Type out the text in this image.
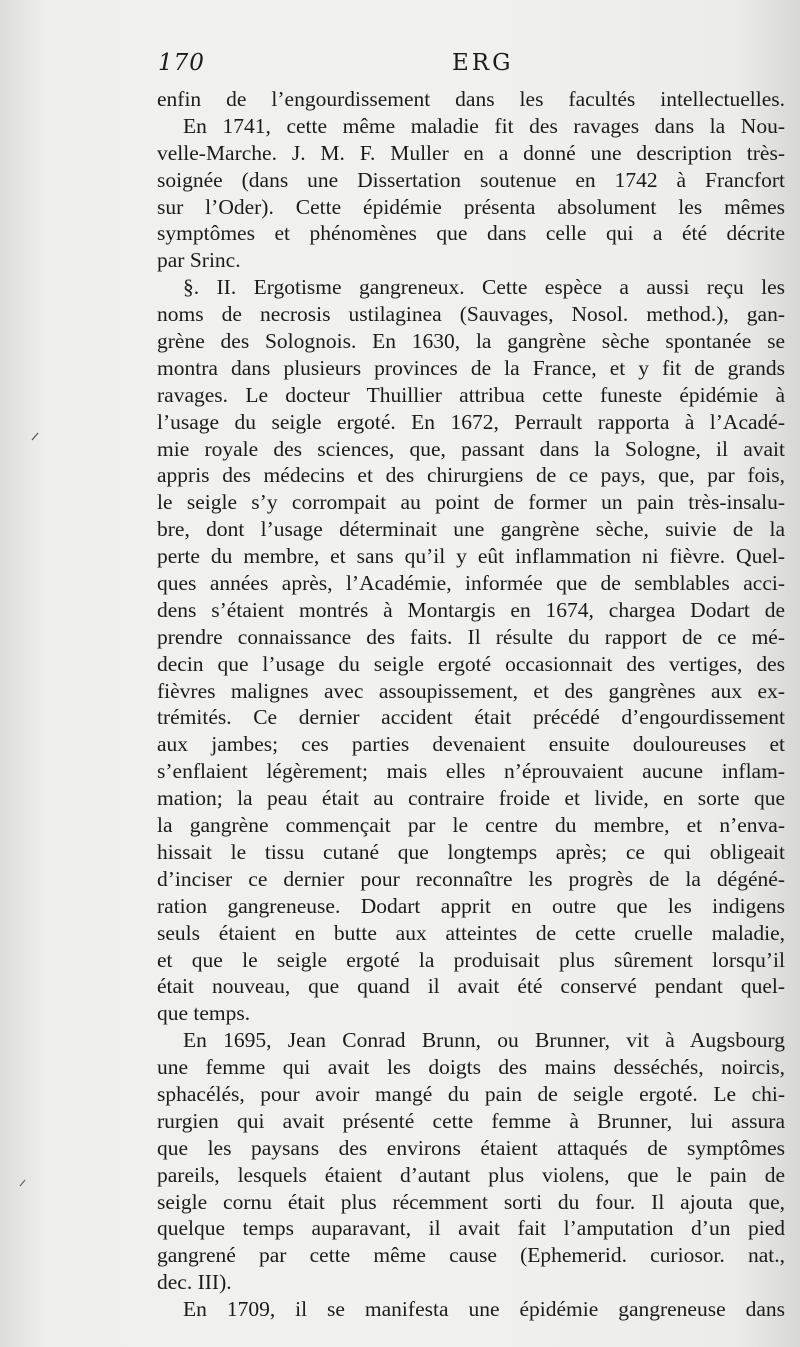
170	ERG
enfin de l’engourdissement dans les facultés intellectuelles.
En 1741, cette même maladie fit des ravages dans la Nou-
velle-Marche. J. M. F. Muller en a donné une description très-
soignée (dans une Dissertation soutenue en 1742 à Francfort
sur l’Oder). Cette épidémie présenta absolument les mêmes
symptômes et phénomènes que dans celle qui a été décrite
par Srinc.
§. II. Ergotisme gangreneux. Cette espèce a aussi reçu les
noms de necrosis ustilaginea (Sauvages, Nosol. method.), gan-
grène des Solognois. En 1630, la gangrène sèche spontanée se
montra dans plusieurs provinces de la France, et y fit de grands
ravages. Le docteur Thuillier attribua cette funeste épidémie à
l’usage du seigle ergoté. En 1672, Perrault rapporta à l’Acadé-
mie royale des sciences, que, passant dans la Sologne, il avait
appris des médecins et des chirurgiens de ce pays, que, par fois,
le seigle s’y corrompait au point de former un pain très-insalu-
bre, dont l’usage déterminait une gangrène sèche, suivie de la
perte du membre, et sans qu’il y eût inflammation ni fièvre. Quel-
ques années après, l’Académie, informée que de semblables acci-
dens s’étaient montrés à Montargis en 1674, chargea Dodart de
prendre connaissance des faits. Il résulte du rapport de ce mé-
decin que l’usage du seigle ergoté occasionnait des vertiges, des
fièvres malignes avec assoupissement, et des gangrènes aux ex-
trémités. Ce dernier accident était précédé d’engourdissement
aux jambes; ces parties devenaient ensuite douloureuses et
s’enflaient légèrement; mais elles n’éprouvaient aucune inflam-
mation; la peau était au contraire froide et livide, en sorte que
la gangrène commençait par le centre du membre, et n’enva-
hissait le tissu cutané que longtemps après; ce qui obligeait
d’inciser ce dernier pour reconnaître les progrès de la dégéné-
ration gangreneuse. Dodart apprit en outre que les indigens
seuls étaient en butte aux atteintes de cette cruelle maladie,
et que le seigle ergoté la produisait plus sûrement lorsqu’il
était nouveau, que quand il avait été conservé pendant quel-
que temps.
En 1695, Jean Conrad Brunn, ou Brunner, vit à Augsbourg
une femme qui avait les doigts des mains desséchés, noircis,
sphacélés, pour avoir mangé du pain de seigle ergoté. Le chi-
rurgien qui avait présenté cette femme à Brunner, lui assura
que les paysans des environs étaient attaqués de symptômes
pareils, lesquels étaient d’autant plus violens, que le pain de
seigle cornu était plus récemment sorti du four. Il ajouta que,
quelque temps auparavant, il avait fait l’amputation d’un pied
gangrené par cette même cause (Ephemerid. curiosor. nat.,
dec. III).
En 1709, il se manifesta une épidémie gangreneuse dans
